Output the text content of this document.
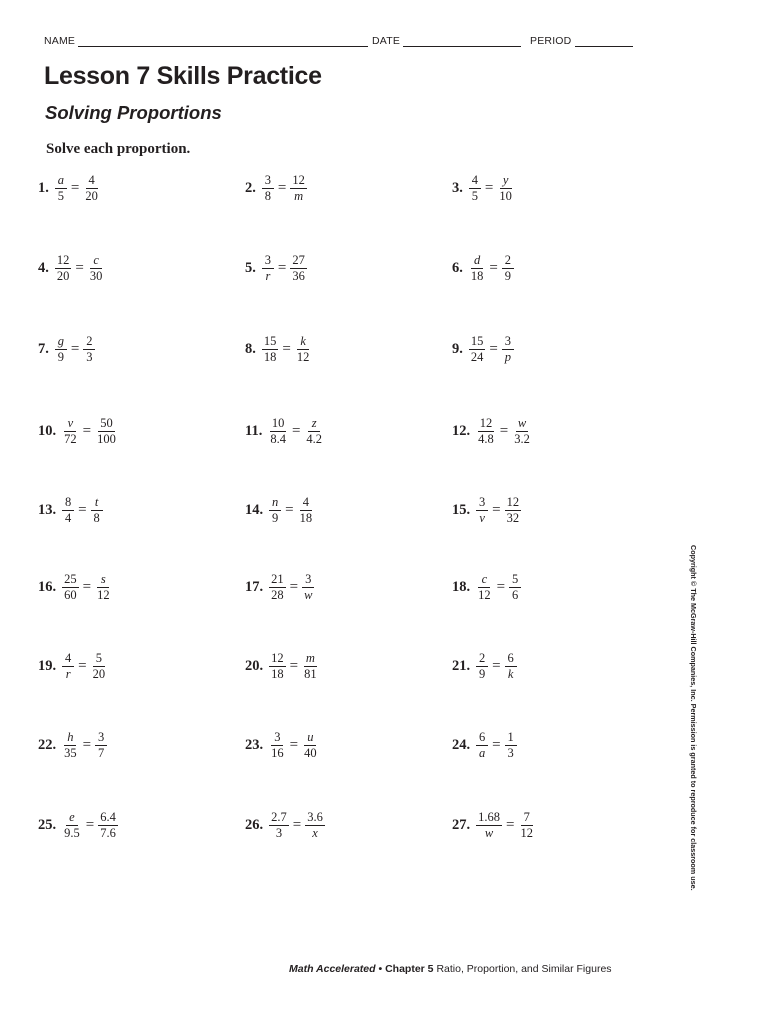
NAME	DATE	PERIOD
Lesson 7 Skills Practice
Solving Proportions
Solve each proportion.
1. $\frac{a}{5} = \frac{4}{20}$	2. $\frac{3}{8} = \frac{12}{m}$	3. $\frac{4}{5} = \frac{y}{10}$
4. $\frac{12}{20} = \frac{c}{30}$	5. $\frac{3}{r} = \frac{27}{36}$	6. $\frac{d}{18} = \frac{2}{9}$
7. $\frac{g}{9} = \frac{2}{3}$	8. $\frac{15}{18} = \frac{k}{12}$	9. $\frac{15}{24} = \frac{3}{p}$
10. $\frac{v}{72} = \frac{50}{100}$	11. $\frac{10}{8.4} = \frac{z}{4.2}$	12. $\frac{12}{4.8} = \frac{w}{3.2}$
13. $\frac{8}{4} = \frac{t}{8}$	14. $\frac{n}{9} = \frac{4}{18}$	15. $\frac{3}{v} = \frac{12}{32}$
16. $\frac{25}{60} = \frac{s}{12}$	17. $\frac{21}{28} = \frac{3}{w}$	18. $\frac{c}{12} = \frac{5}{6}$
19. $\frac{4}{r} = \frac{5}{20}$	20. $\frac{12}{18} = \frac{m}{81}$	21. $\frac{2}{9} = \frac{6}{k}$
22. $\frac{h}{35} = \frac{3}{7}$	23. $\frac{3}{16} = \frac{u}{40}$	24. $\frac{6}{a} = \frac{1}{3}$
25. $\frac{e}{9.5} = \frac{6.4}{7.6}$	26. $\frac{2.7}{3} = \frac{3.6}{x}$	27. $\frac{1.68}{w} = \frac{7}{12}$	Copyright © The McGraw-Hill Companies, Inc. Permission is granted to reproduce for classroom use.
Math Accelerated • Chapter 5 Ratio, Proportion, and Similar Figures
